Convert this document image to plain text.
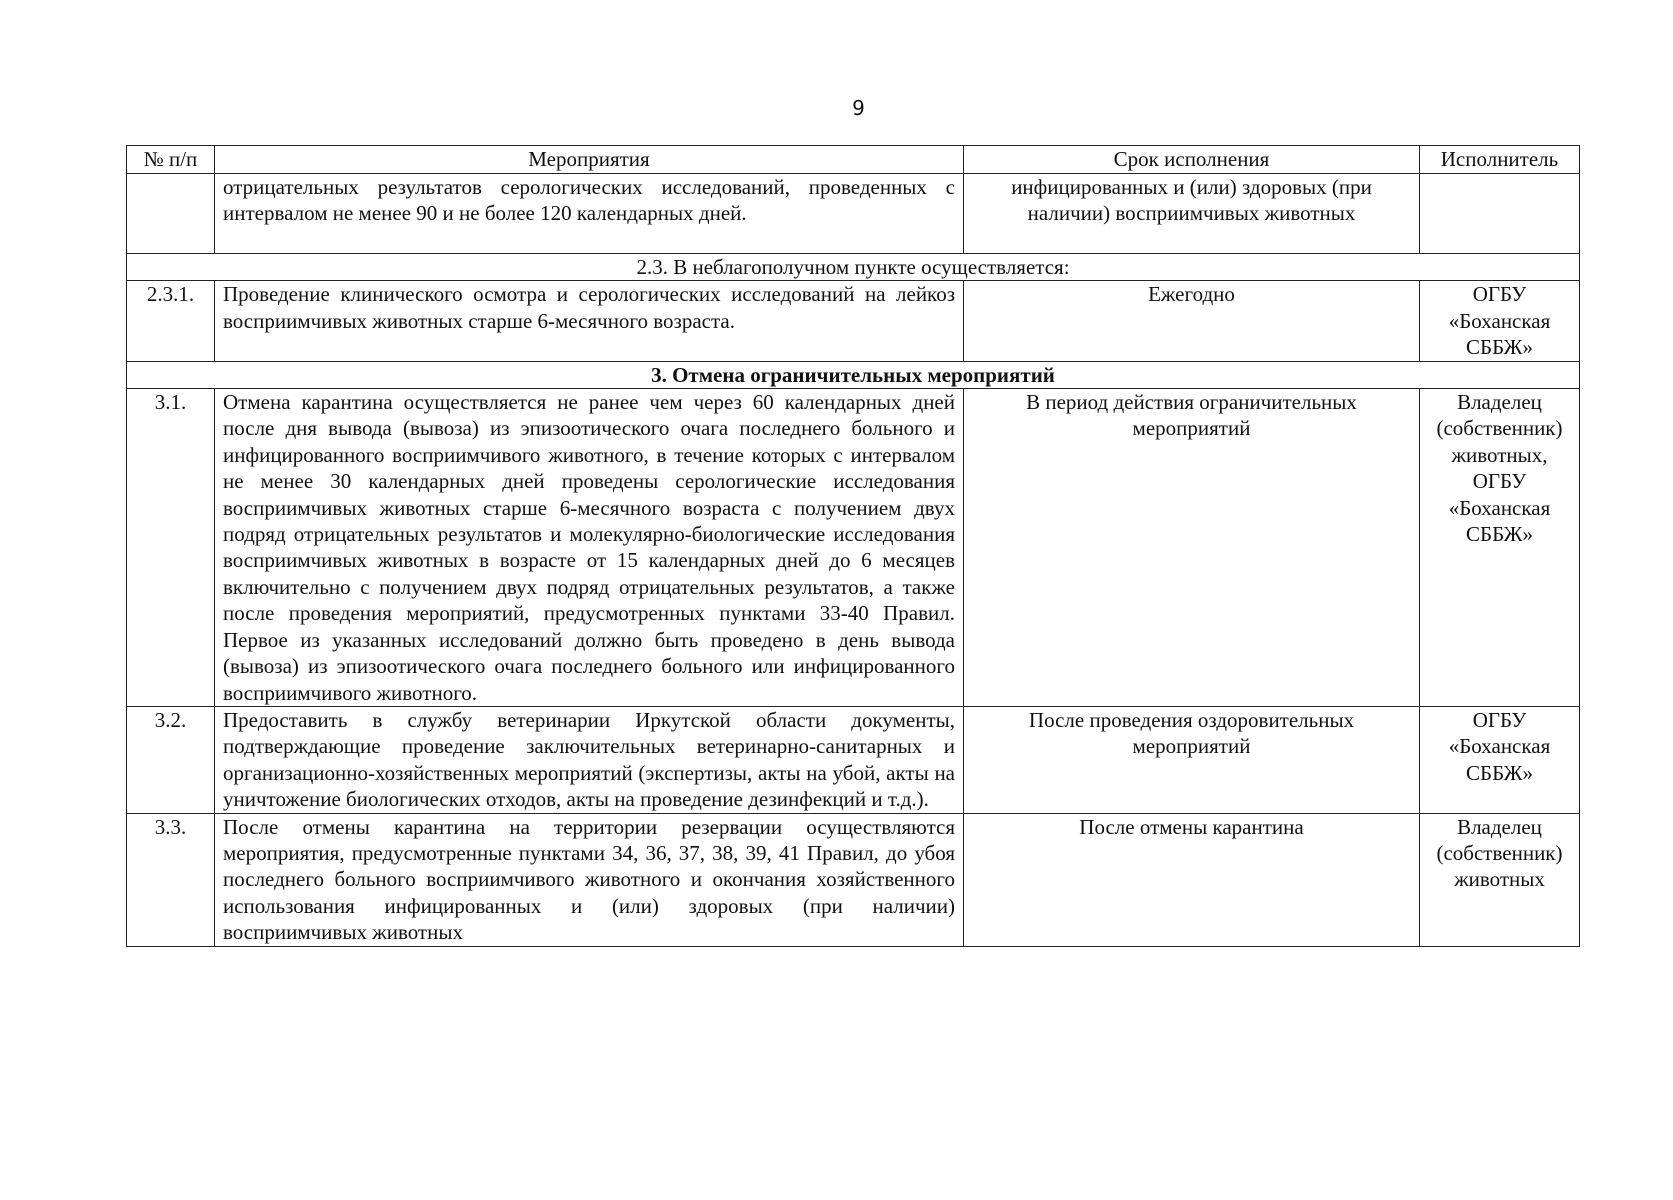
9
№ п/п	Мероприятия	Срок исполнения	Исполнитель
	отрицательных результатов серологических исследований, проведенных с интервалом не менее 90 и не более 120 календарных дней.	инфицированных и (или) здоровых (при наличии) восприимчивых животных	
2.3. В неблагополучном пункте осуществляется:			
2.3.1.	Проведение клинического осмотра и серологических исследований на лейкоз восприимчивых животных старше 6-месячного возраста.	Ежегодно	ОГБУ «Боханская СББЖ»
3. Отмена ограничительных мероприятий			
3.1.	Отмена карантина осуществляется не ранее чем через 60 календарных дней после дня вывода (вывоза) из эпизоотического очага последнего больного и инфицированного восприимчивого животного, в течение которых с интервалом не менее 30 календарных дней проведены серологические исследования восприимчивых животных старше 6-месячного возраста с получением двух подряд отрицательных результатов и молекулярно-биологические исследования восприимчивых животных в возрасте от 15 календарных дней до 6 месяцев включительно с получением двух подряд отрицательных результатов, а также после проведения мероприятий, предусмотренных пунктами 33-40 Правил. Первое из указанных исследований должно быть проведено в день вывода (вывоза) из эпизоотического очага последнего больного или инфицированного восприимчивого животного.	В период действия ограничительных мероприятий	Владелец (собственник) животных, ОГБУ «Боханская СББЖ»
3.2.	Предоставить в службу ветеринарии Иркутской области документы, подтверждающие проведение заключительных ветеринарно-санитарных и организационно-хозяйственных мероприятий (экспертизы, акты на убой, акты на уничтожение биологических отходов, акты на проведение дезинфекций и т.д.).	После проведения оздоровительных мероприятий	ОГБУ «Боханская СББЖ»
3.3.	После отмены карантина на территории резервации осуществляются мероприятия, предусмотренные пунктами 34, 36, 37, 38, 39, 41 Правил, до убоя последнего больного восприимчивого животного и окончания хозяйственного использования инфицированных и (или) здоровых (при наличии) восприимчивых животных	После отмены карантина	Владелец (собственник) животных
